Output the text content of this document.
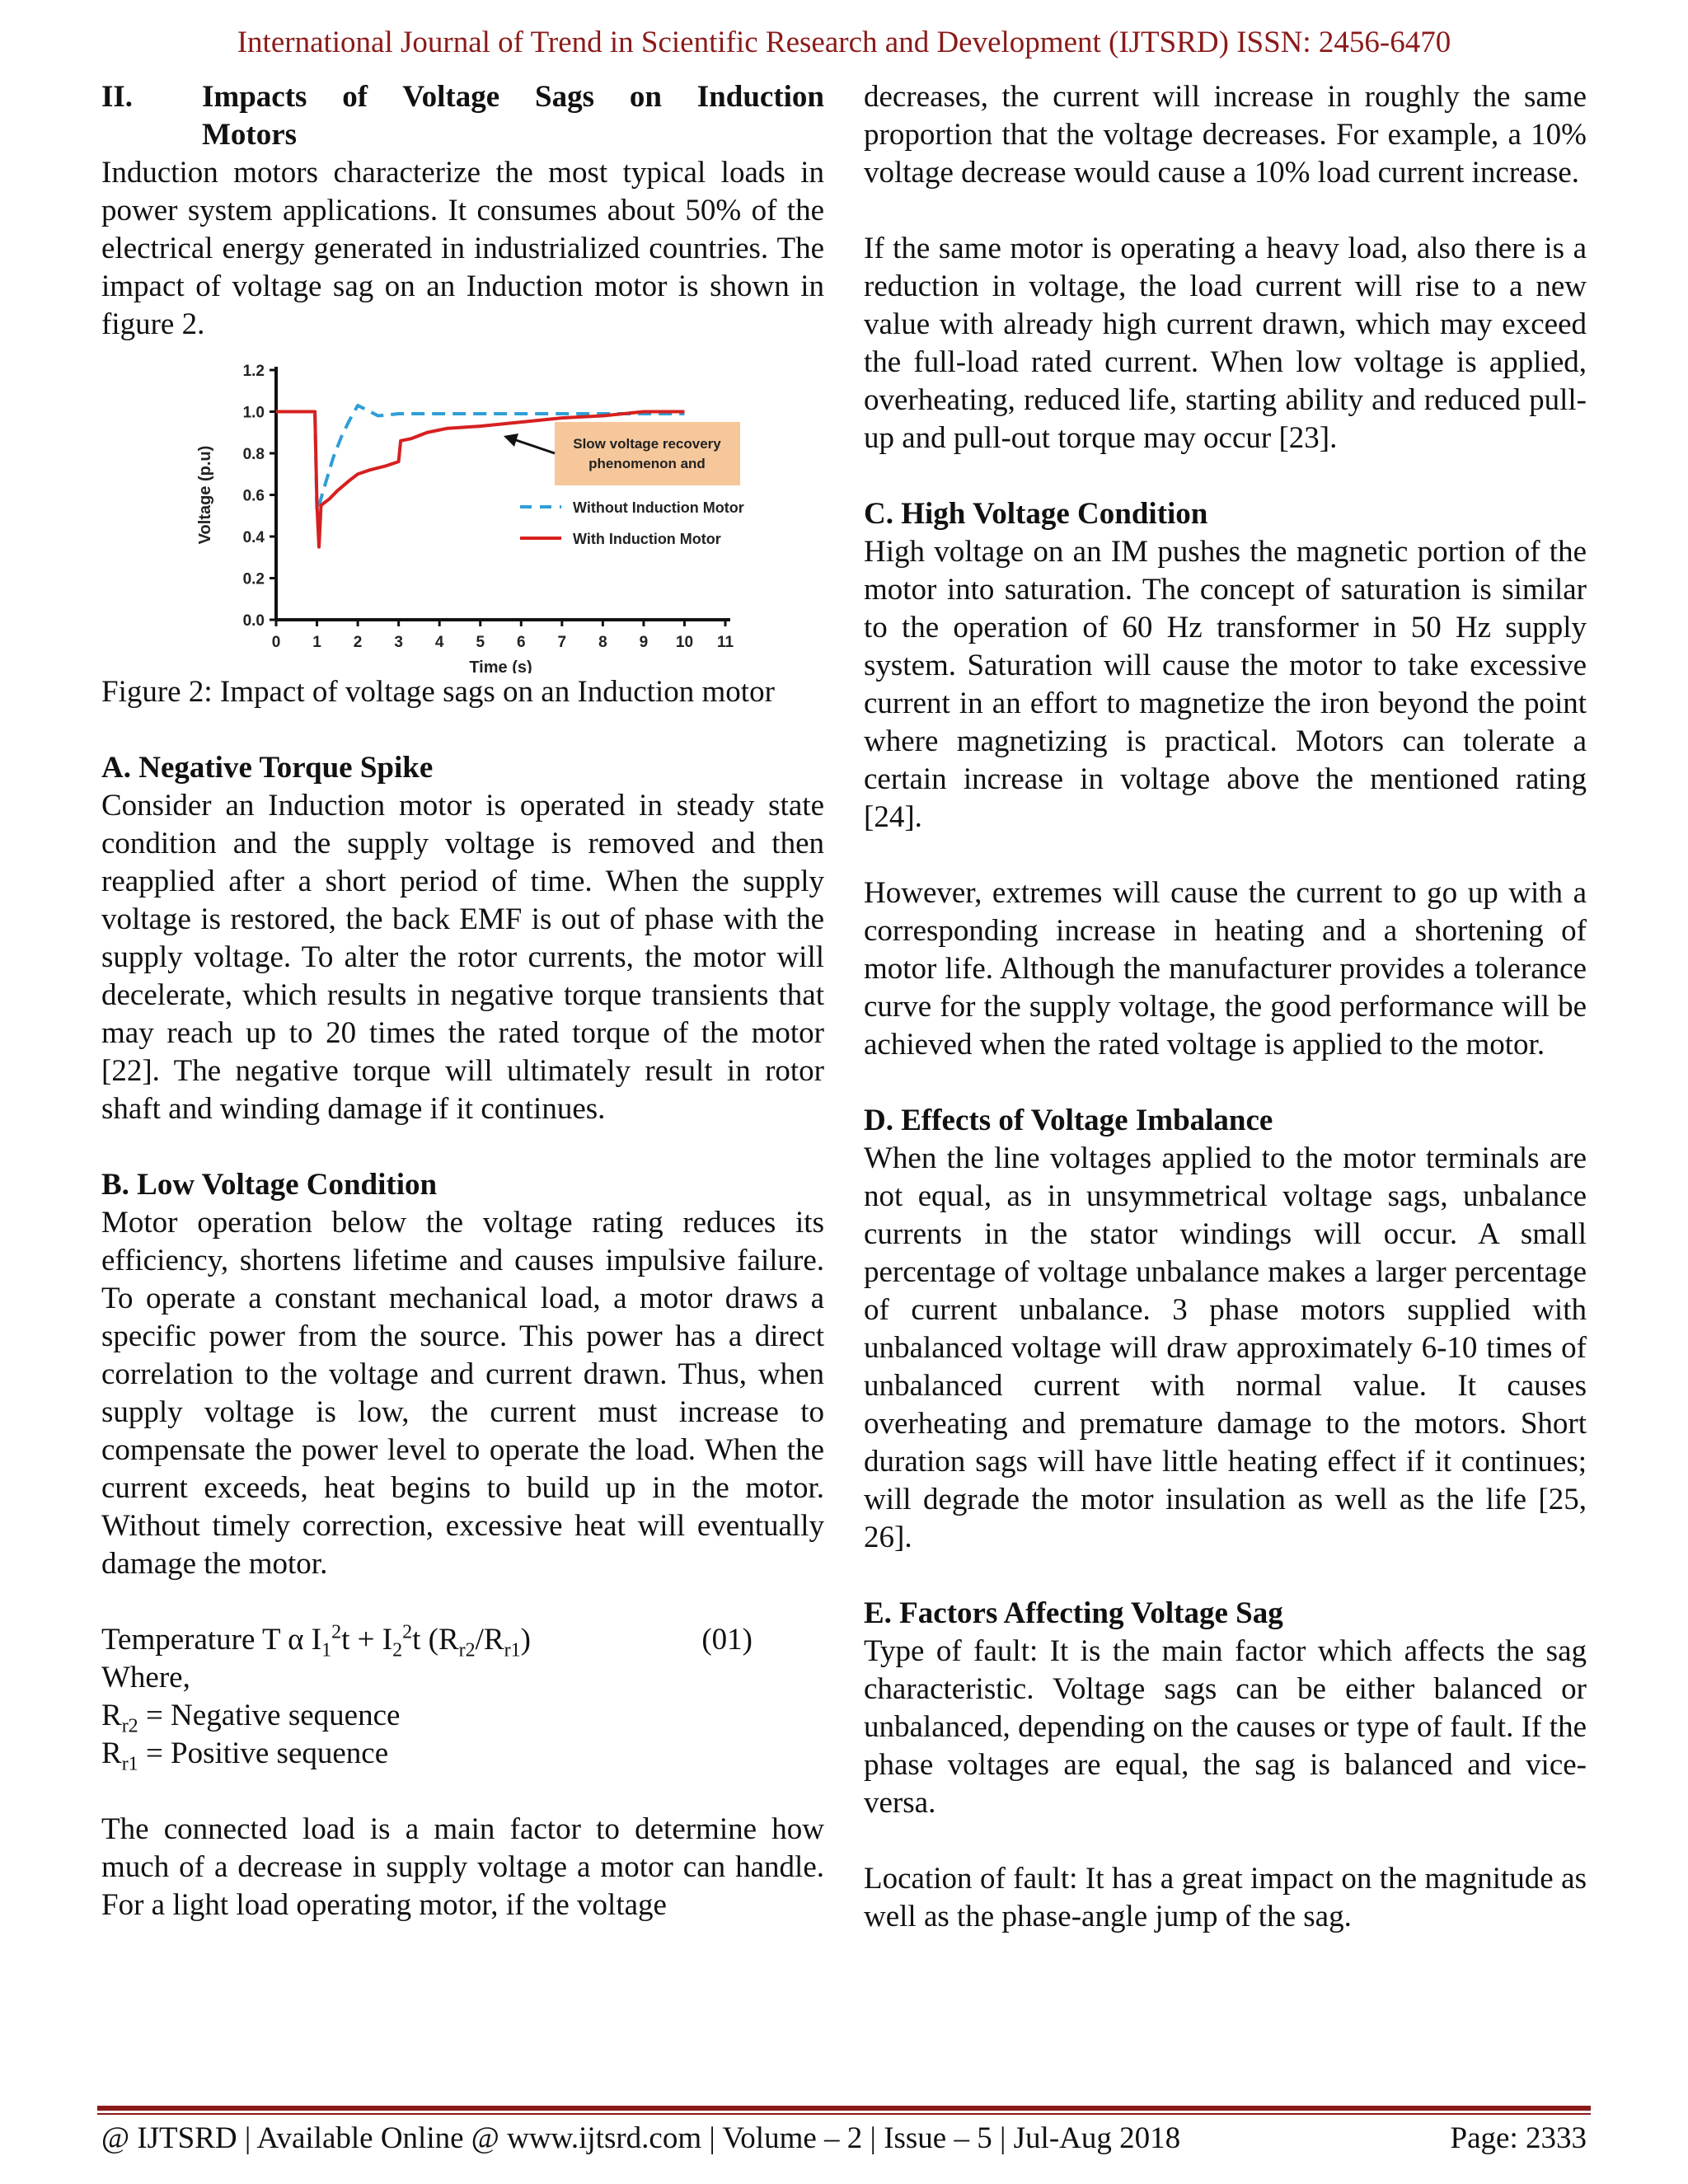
International Journal of Trend in Scientific Research and Development (IJTSRD) ISSN: 2456-6470
II.	Impacts of Voltage Sags on Induction
Motors

Induction motors characterize the most typical loads in power system applications. It consumes about 50% of the electrical energy generated in industrialized countries. The impact of voltage sag on an Induction motor is shown in figure 2.

0.0
0.2
0.4
0.6
0.8
1.0
1.2
0 1 2 3 4 5 6 7 8 9 10 11
Time (s)
Voltage (p.u)
Slow voltage recovery
phenomenon and
Without Induction Motor
With Induction Motor

Figure 2: Impact of voltage sags on an Induction motor

A. Negative Torque Spike

Consider an Induction motor is operated in steady state condition and the supply voltage is removed and then reapplied after a short period of time. When the supply voltage is restored, the back EMF is out of phase with the supply voltage. To alter the rotor currents, the motor will decelerate, which results in negative torque transients that may reach up to 20 times the rated torque of the motor [22]. The negative torque will ultimately result in rotor shaft and winding damage if it continues.

B. Low Voltage Condition

Motor operation below the voltage rating reduces its efficiency, shortens lifetime and causes impulsive failure. To operate a constant mechanical load, a motor draws a specific power from the source. This power has a direct correlation to the voltage and current drawn. Thus, when supply voltage is low, the current must increase to compensate the power level to operate the load. When the current exceeds, heat begins to build up in the motor. Without timely correction, excessive heat will eventually damage the motor.

Temperature T α $I_1^2t + I_2^2t$ $(R_{r2}/R_{r1})$	(01)
Where,
$R_{r2}$ = Negative sequence
$R_{r1}$ = Positive sequence

The connected load is a main factor to determine how much of a decrease in supply voltage a motor can handle. For a light load operating motor, if the voltage

decreases, the current will increase in roughly the same proportion that the voltage decreases. For example, a 10% voltage decrease would cause a 10% load current increase.

If the same motor is operating a heavy load, also there is a reduction in voltage, the load current will rise to a new value with already high current drawn, which may exceed the full-load rated current. When low voltage is applied, overheating, reduced life, starting ability and reduced pull-up and pull-out torque may occur [23].

C. High Voltage Condition

High voltage on an IM pushes the magnetic portion of the motor into saturation. The concept of saturation is similar to the operation of 60 Hz transformer in 50 Hz supply system. Saturation will cause the motor to take excessive current in an effort to magnetize the iron beyond the point where magnetizing is practical. Motors can tolerate a certain increase in voltage above the mentioned rating [24].

However, extremes will cause the current to go up with a corresponding increase in heating and a shortening of motor life. Although the manufacturer provides a tolerance curve for the supply voltage, the good performance will be achieved when the rated voltage is applied to the motor.

D. Effects of Voltage Imbalance

When the line voltages applied to the motor terminals are not equal, as in unsymmetrical voltage sags, unbalance currents in the stator windings will occur. A small percentage of voltage unbalance makes a larger percentage of current unbalance. 3 phase motors supplied with unbalanced voltage will draw approximately 6-10 times of unbalanced current with normal value. It causes overheating and premature damage to the motors. Short duration sags will have little heating effect if it continues; will degrade the motor insulation as well as the life [25, 26].

E. Factors Affecting Voltage Sag

Type of fault: It is the main factor which affects the sag characteristic. Voltage sags can be either balanced or unbalanced, depending on the causes or type of fault. If the phase voltages are equal, the sag is balanced and vice-versa.

Location of fault: It has a great impact on the magnitude as well as the phase-angle jump of the sag.

@ IJTSRD | Available Online @ www.ijtsrd.com | Volume – 2 | Issue – 5 | Jul-Aug 2018	Page: 2333
